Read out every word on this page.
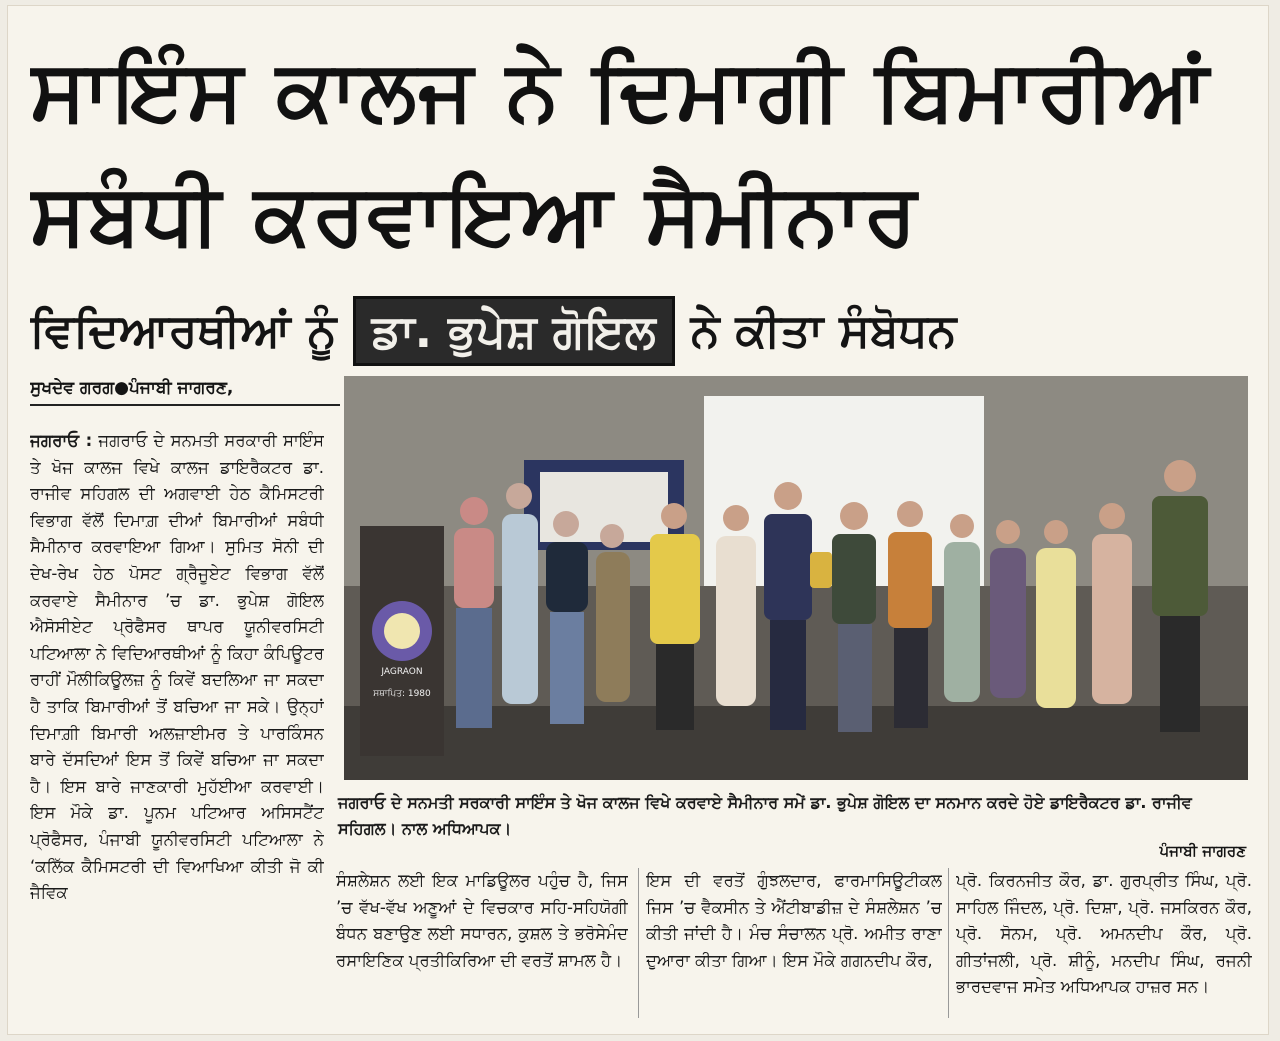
ਸਾਇੰਸ ਕਾਲਜ ਨੇ ਦਿਮਾਗੀ ਬਿਮਾਰੀਆਂ
ਸਬੰਧੀ ਕਰਵਾਇਆ ਸੈਮੀਨਾਰ
ਵਿਦਿਆਰਥੀਆਂ ਨੂੰ ਡਾ. ਭੁਪੇਸ਼ ਗੋਇਲ ਨੇ ਕੀਤਾ ਸੰਬੋਧਨ
ਸੁਖਦੇਵ ਗਰਗ●ਪੰਜਾਬੀ ਜਾਗਰਣ,
ਜਗਰਾਓ : ਜਗਰਾਓ ਦੇ ਸਨਮਤੀ ਸਰਕਾਰੀ ਸਾਇੰਸ ਤੇ ਖੋਜ ਕਾਲਜ ਵਿਖੇ ਕਾਲਜ ਡਾਇਰੈਕਟਰ ਡਾ. ਰਾਜੀਵ ਸਹਿਗਲ ਦੀ ਅਗਵਾਈ ਹੇਠ ਕੈਮਿਸਟਰੀ ਵਿਭਾਗ ਵੱਲੋਂ ਦਿਮਾਗ਼ ਦੀਆਂ ਬਿਮਾਰੀਆਂ ਸਬੰਧੀ ਸੈਮੀਨਾਰ ਕਰਵਾਇਆ ਗਿਆ। ਸੁਮਿਤ ਸੋਨੀ ਦੀ ਦੇਖ-ਰੇਖ ਹੇਠ ਪੋਸਟ ਗ੍ਰੈਜੂਏਟ ਵਿਭਾਗ ਵੱਲੋਂ ਕਰਵਾਏ ਸੈਮੀਨਾਰ ’ਚ ਡਾ. ਭੁਪੇਸ਼ ਗੋਇਲ ਐਸੋਸੀਏਟ ਪ੍ਰੋਫੈਸਰ ਥਾਪਰ ਯੂਨੀਵਰਸਿਟੀ ਪਟਿਆਲਾ ਨੇ ਵਿਦਿਆਰਥੀਆਂ ਨੂੰ ਕਿਹਾ ਕੰਪਿਊਟਰ ਰਾਹੀਂ ਮੌਲੀਕਿਊਲਜ਼ ਨੂੰ ਕਿਵੇਂ ਬਦਲਿਆ ਜਾ ਸਕਦਾ ਹੈ ਤਾਕਿ ਬਿਮਾਰੀਆਂ ਤੋਂ ਬਚਿਆ ਜਾ ਸਕੇ। ਉਨ੍ਹਾਂ ਦਿਮਾਗ਼ੀ ਬਿਮਾਰੀ ਅਲਜ਼ਾਈਮਰ ਤੇ ਪਾਰਕਿੰਸਨ ਬਾਰੇ ਦੱਸਦਿਆਂ ਇਸ ਤੋਂ ਕਿਵੇਂ ਬਚਿਆ ਜਾ ਸਕਦਾ ਹੈ। ਇਸ ਬਾਰੇ ਜਾਣਕਾਰੀ ਮੁਹੱਈਆ ਕਰਵਾਈ। ਇਸ ਮੌਕੇ ਡਾ. ਪੂਨਮ ਪਟਿਆਰ ਅਸਿਸਟੈਂਟ ਪ੍ਰੋਫੈਸਰ, ਪੰਜਾਬੀ ਯੂਨੀਵਰਸਿਟੀ ਪਟਿਆਲਾ ਨੇ ‘ਕਲਿੱਕ ਕੈਮਿਸਟਰੀ ਦੀ ਵਿਆਖਿਆ ਕੀਤੀ ਜੋ ਕੀ ਜੈਵਿਕ
JAGRAON
ਸਥਾਪਿਤ: 1980
ਜਗਰਾਓ ਦੇ ਸਨਮਤੀ ਸਰਕਾਰੀ ਸਾਇੰਸ ਤੇ ਖੋਜ ਕਾਲਜ ਵਿਖੇ ਕਰਵਾਏ ਸੈਮੀਨਾਰ ਸਮੇਂ ਡਾ. ਭੁਪੇਸ਼ ਗੋਇਲ ਦਾ ਸਨਮਾਨ ਕਰਦੇ ਹੋਏ ਡਾਇਰੈਕਟਰ ਡਾ. ਰਾਜੀਵ ਸਹਿਗਲ। ਨਾਲ ਅਧਿਆਪਕ।
ਪੰਜਾਬੀ ਜਾਗਰਣ
ਸੰਸ਼ਲੇਸ਼ਨ ਲਈ ਇਕ ਮਾਡਿਊਲਰ ਪਹੁੰਚ ਹੈ, ਜਿਸ ’ਚ ਵੱਖ-ਵੱਖ ਅਣੂਆਂ ਦੇ ਵਿਚਕਾਰ ਸਹਿ-ਸਹਿਯੋਗੀ ਬੰਧਨ ਬਣਾਉਣ ਲਈ ਸਧਾਰਨ, ਕੁਸ਼ਲ ਤੇ ਭਰੋਸੇਮੰਦ ਰਸਾਇਣਿਕ ਪ੍ਰਤੀਕਿਰਿਆ ਦੀ ਵਰਤੋਂ ਸ਼ਾਮਲ ਹੈ।
ਇਸ ਦੀ ਵਰਤੋਂ ਗੁੰਝਲਦਾਰ, ਫਾਰਮਾਸਿਊਟੀਕਲ ਜਿਸ ’ਚ ਵੈਕਸੀਨ ਤੇ ਐਂਟੀਬਾਡੀਜ਼ ਦੇ ਸੰਸ਼ਲੇਸ਼ਨ ’ਚ ਕੀਤੀ ਜਾਂਦੀ ਹੈ। ਮੰਚ ਸੰਚਾਲਨ ਪ੍ਰੋ. ਅਮੀਤ ਰਾਣਾ ਦੁਆਰਾ ਕੀਤਾ ਗਿਆ। ਇਸ ਮੌਕੇ ਗਗਨਦੀਪ ਕੌਰ,
ਪ੍ਰੋ. ਕਿਰਨਜੀਤ ਕੌਰ, ਡਾ. ਗੁਰਪ੍ਰੀਤ ਸਿੰਘ, ਪ੍ਰੋ. ਸਾਹਿਲ ਜਿੰਦਲ, ਪ੍ਰੋ. ਦਿਸ਼ਾ, ਪ੍ਰੋ. ਜਸਕਿਰਨ ਕੌਰ, ਪ੍ਰੋ. ਸੋਨਮ, ਪ੍ਰੋ. ਅਮਨਦੀਪ ਕੌਰ, ਪ੍ਰੋ. ਗੀਤਾਂਜਲੀ, ਪ੍ਰੋ. ਸ਼ੀਨੂੰ, ਮਨਦੀਪ ਸਿੰਘ, ਰਜਨੀ ਭਾਰਦਵਾਜ ਸਮੇਤ ਅਧਿਆਪਕ ਹਾਜ਼ਰ ਸਨ।
